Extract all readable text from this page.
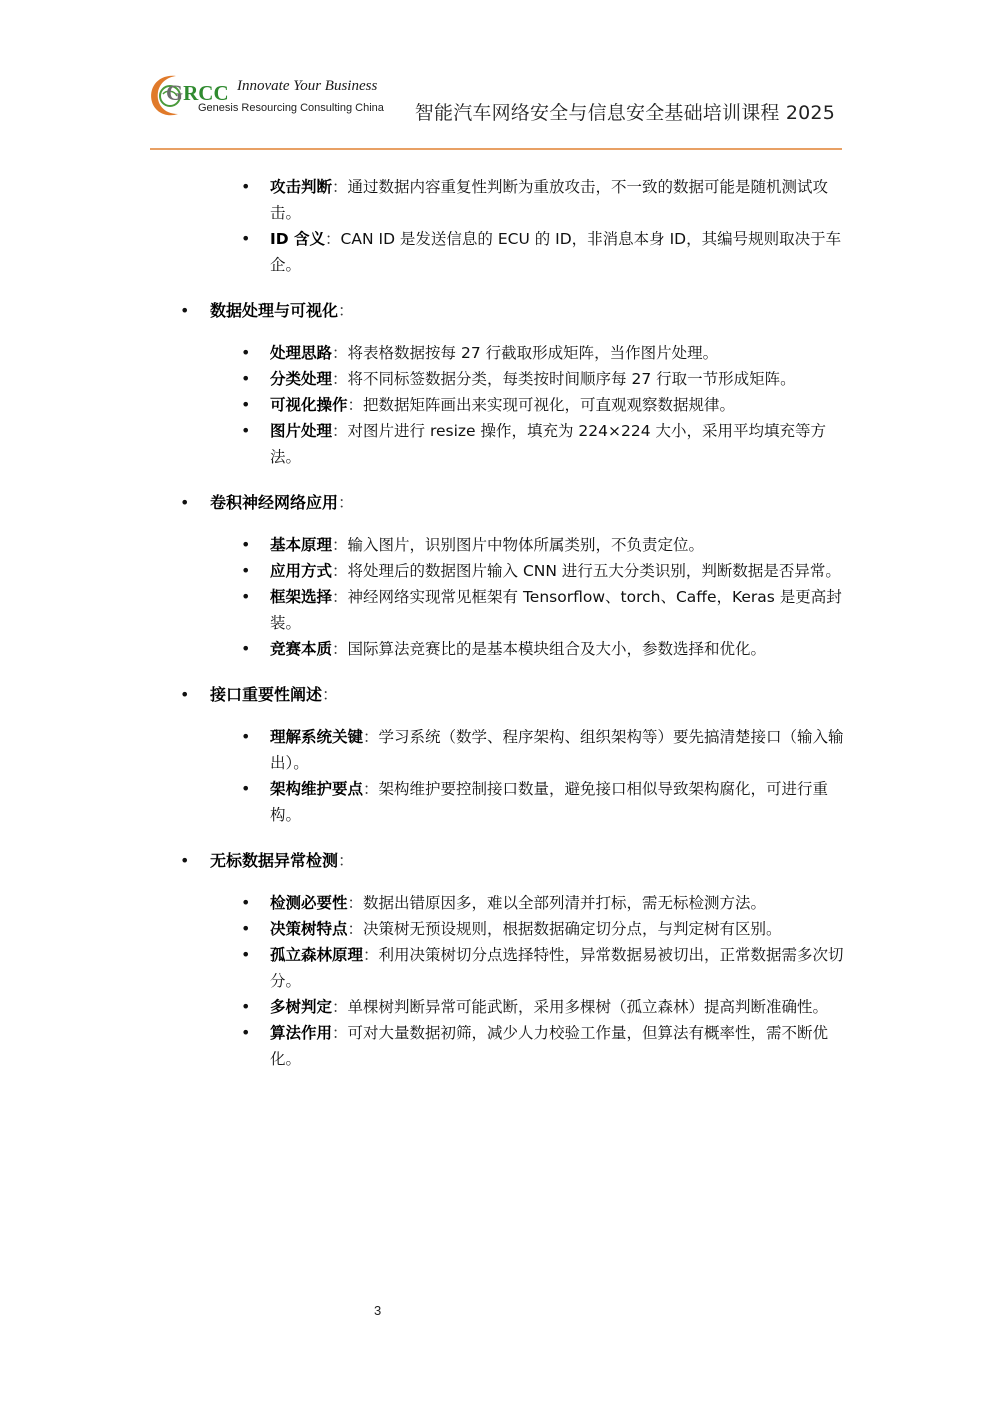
GRCC Innovate Your Business
Genesis Resourcing Consulting China 智能汽车网络安全与信息安全基础培训课程 2025
• 攻击判断：通过数据内容重复性判断为重放攻击，不一致的数据可能是随机测试攻击。
• ID 含义：CAN ID 是发送信息的 ECU 的 ID，非消息本身 ID，其编号规则取决于车企。
• 数据处理与可视化：
• 处理思路：将表格数据按每 27 行截取形成矩阵，当作图片处理。
• 分类处理：将不同标签数据分类，每类按时间顺序每 27 行取一节形成矩阵。
• 可视化操作：把数据矩阵画出来实现可视化，可直观观察数据规律。
• 图片处理：对图片进行 resize 操作，填充为 224×224 大小，采用平均填充等方法。
• 卷积神经网络应用：
• 基本原理：输入图片，识别图片中物体所属类别，不负责定位。
• 应用方式：将处理后的数据图片输入 CNN 进行五大分类识别，判断数据是否异常。
• 框架选择：神经网络实现常见框架有 Tensorflow、torch、Caffe，Keras 是更高封装。
• 竞赛本质：国际算法竞赛比的是基本模块组合及大小，参数选择和优化。
• 接口重要性阐述：
• 理解系统关键：学习系统（数学、程序架构、组织架构等）要先搞清楚接口（输入输出）。
• 架构维护要点：架构维护要控制接口数量，避免接口相似导致架构腐化，可进行重构。
• 无标数据异常检测：
• 检测必要性：数据出错原因多，难以全部列清并打标，需无标检测方法。
• 决策树特点：决策树无预设规则，根据数据确定切分点，与判定树有区别。
• 孤立森林原理：利用决策树切分点选择特性，异常数据易被切出，正常数据需多次切分。
• 多树判定：单棵树判断异常可能武断，采用多棵树（孤立森林）提高判断准确性。
• 算法作用：可对大量数据初筛，减少人力校验工作量，但算法有概率性，需不断优化。
3
